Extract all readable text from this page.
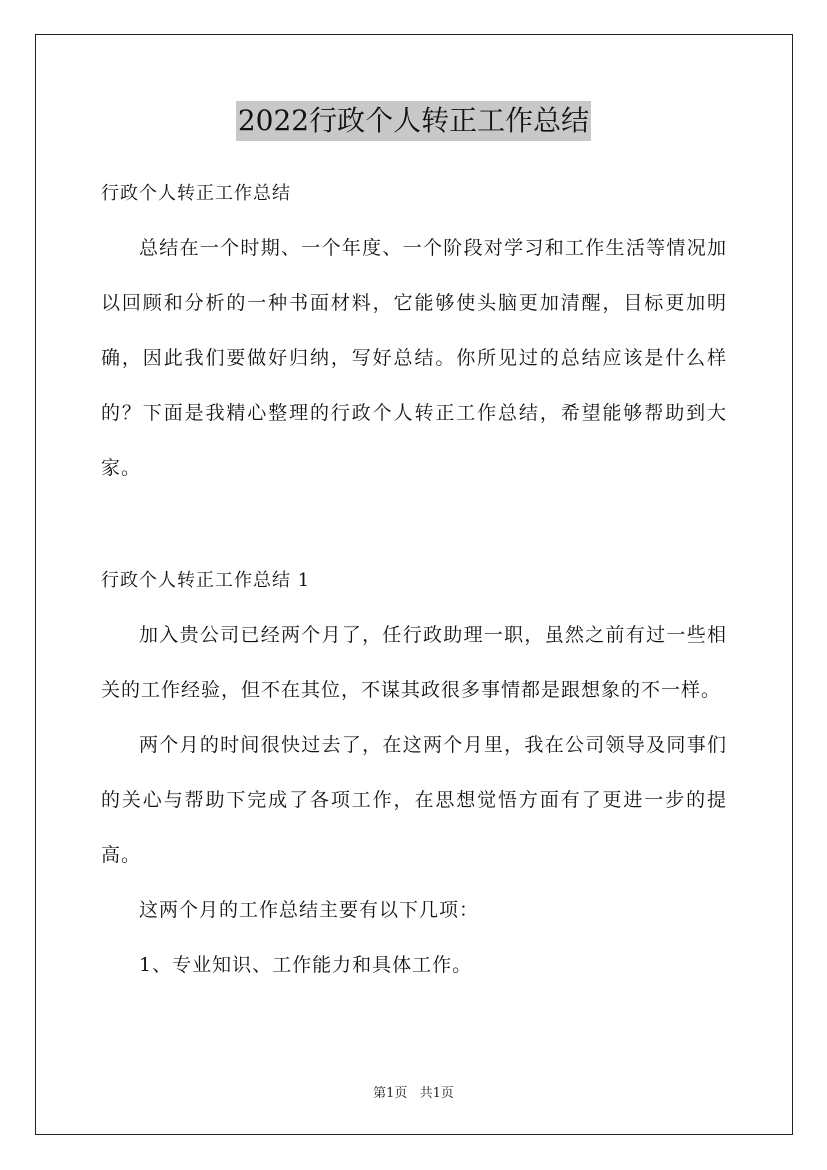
2022行政个人转正工作总结

行政个人转正工作总结

总结在一个时期、一个年度、一个阶段对学习和工作生活等情况加以回顾和分析的一种书面材料，它能够使头脑更加清醒，目标更加明确，因此我们要做好归纳，写好总结。你所见过的总结应该是什么样的？下面是我精心整理的行政个人转正工作总结，希望能够帮助到大家。

行政个人转正工作总结 1

加入贵公司已经两个月了，任行政助理一职，虽然之前有过一些相关的工作经验，但不在其位，不谋其政很多事情都是跟想象的不一样。

两个月的时间很快过去了，在这两个月里，我在公司领导及同事们的关心与帮助下完成了各项工作，在思想觉悟方面有了更进一步的提高。

这两个月的工作总结主要有以下几项：

1、专业知识、工作能力和具体工作。

第1页 共1页
